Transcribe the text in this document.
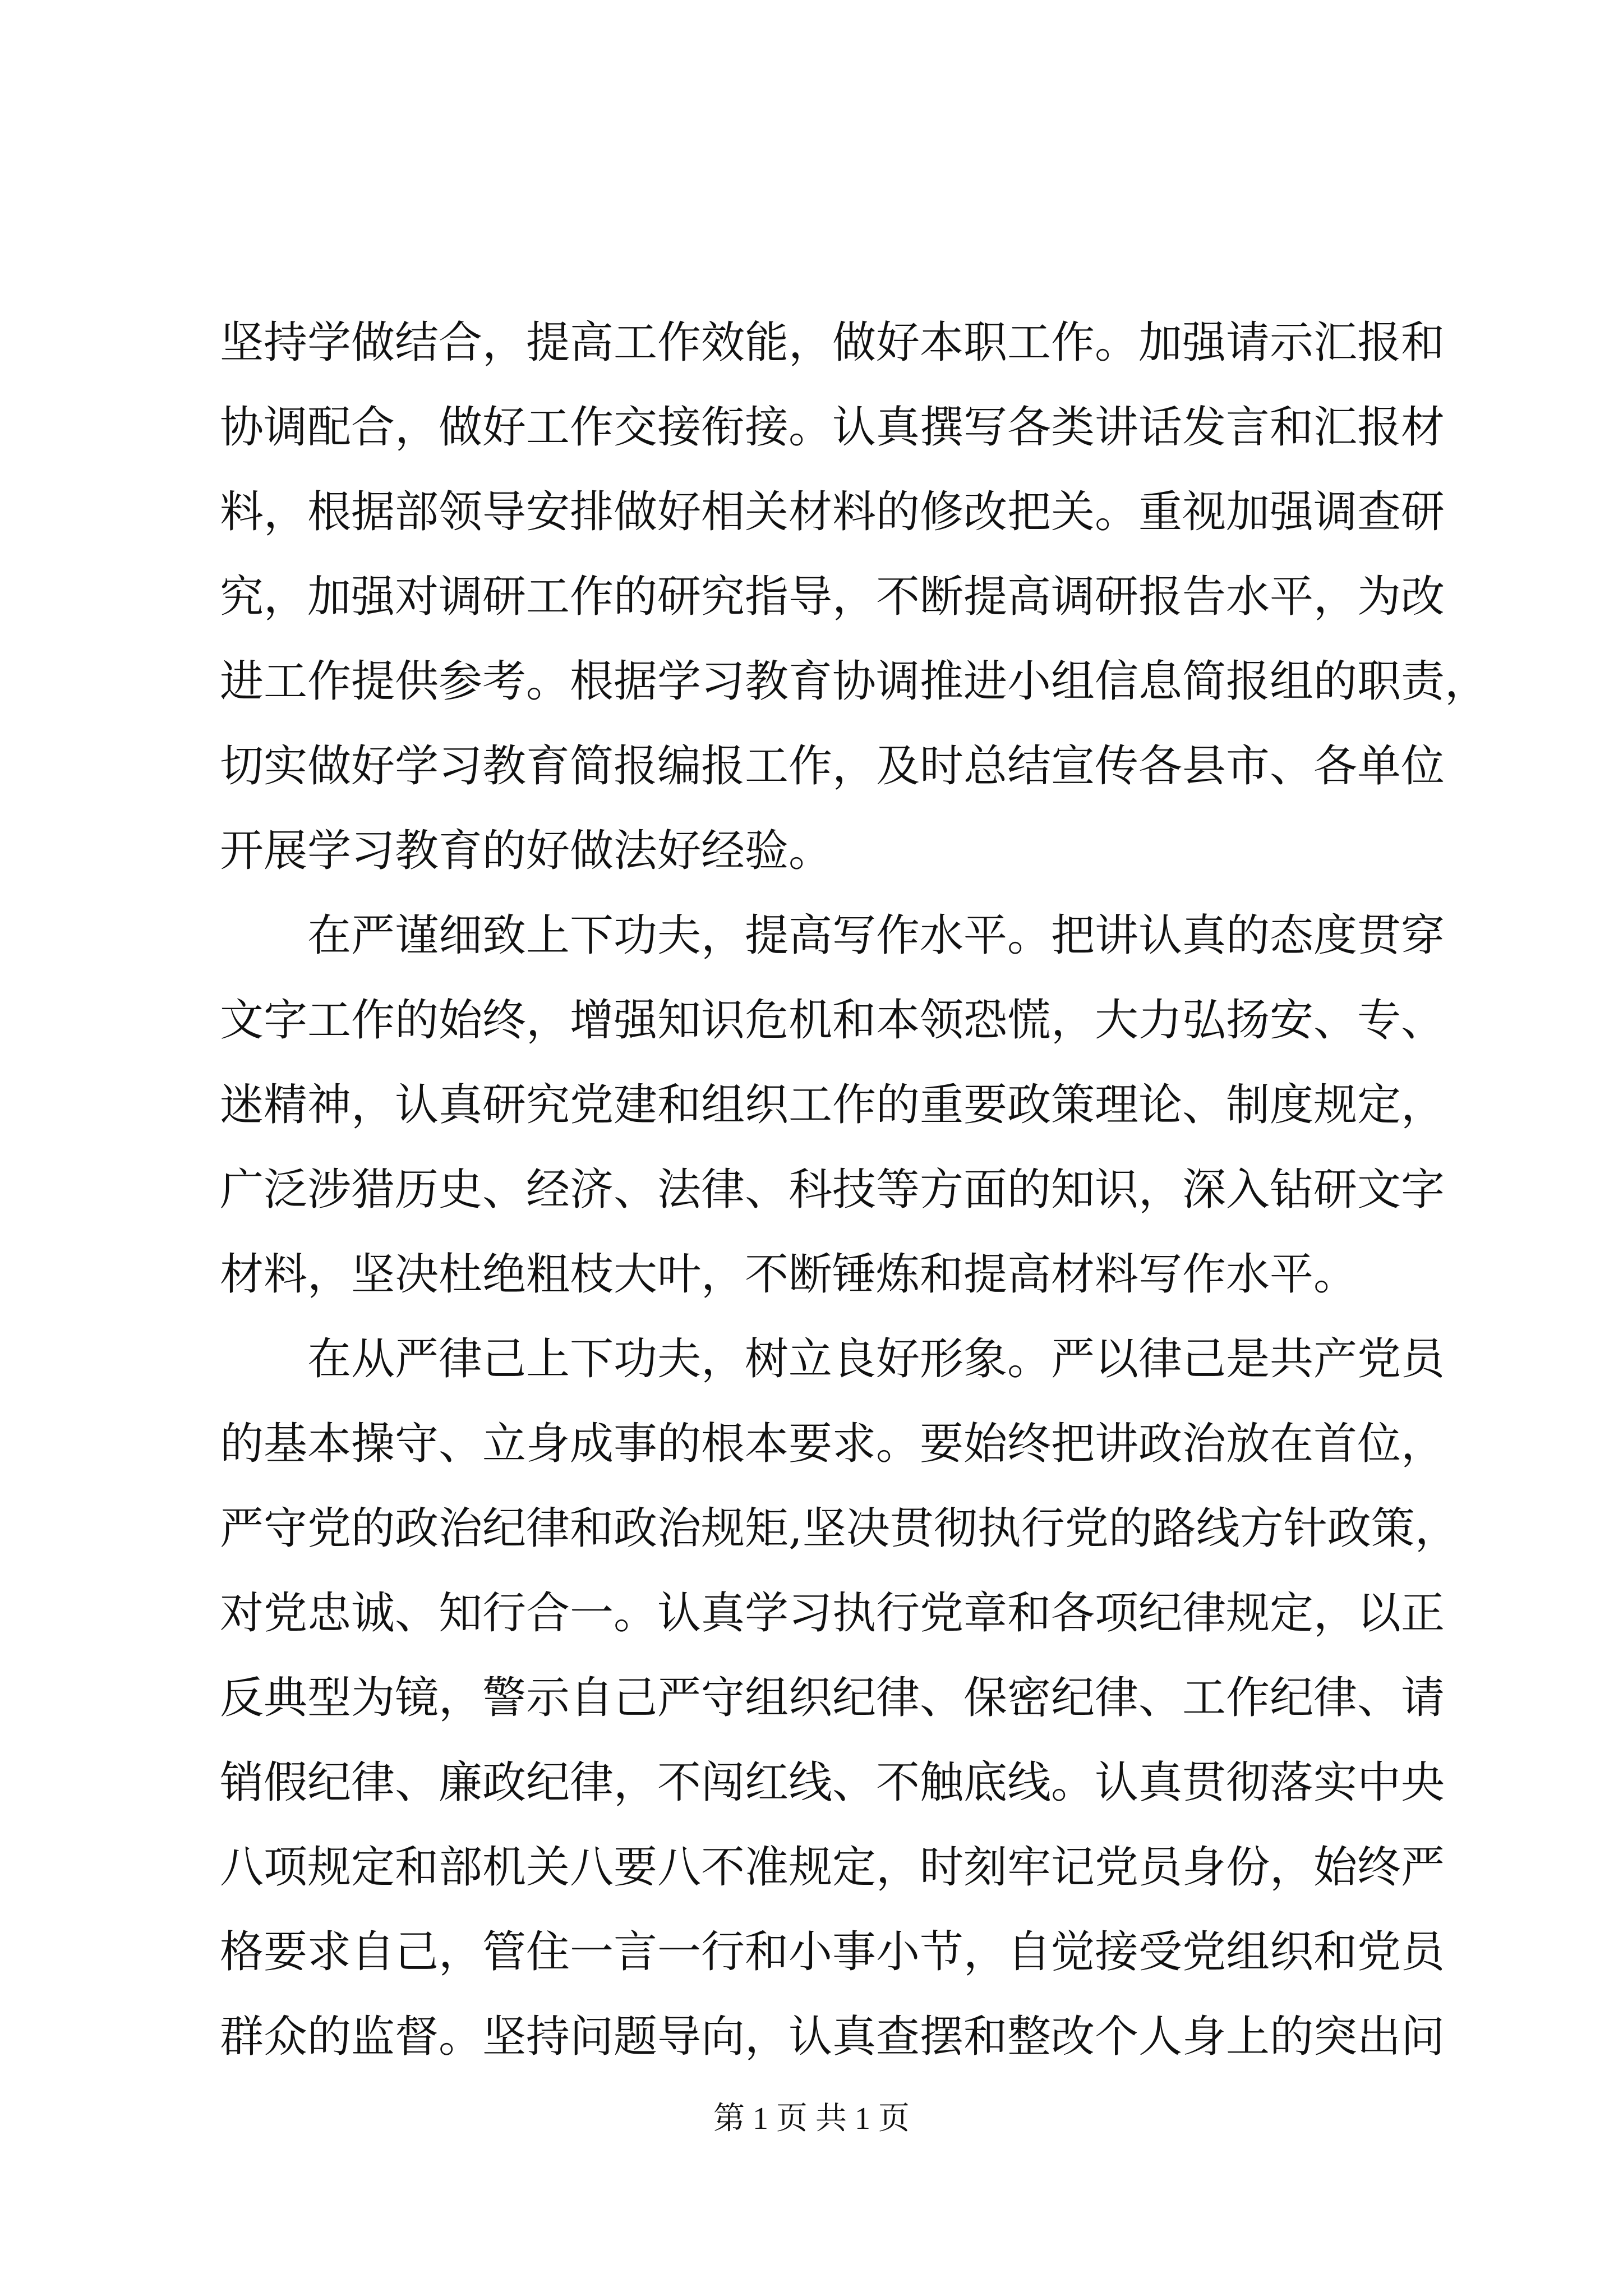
坚持学做结合，提高工作效能，做好本职工作。加强请示汇报和
协调配合，做好工作交接衔接。认真撰写各类讲话发言和汇报材
料，根据部领导安排做好相关材料的修改把关。重视加强调查研
究，加强对调研工作的研究指导，不断提高调研报告水平，为改
进工作提供参考。根据学习教育协调推进小组信息简报组的职责，
切实做好学习教育简报编报工作，及时总结宣传各县市、各单位
开展学习教育的好做法好经验。
在严谨细致上下功夫，提高写作水平。把讲认真的态度贯穿
文字工作的始终，增强知识危机和本领恐慌，大力弘扬安、专、
迷精神，认真研究党建和组织工作的重要政策理论、制度规定，
广泛涉猎历史、经济、法律、科技等方面的知识，深入钻研文字
材料，坚决杜绝粗枝大叶，不断锤炼和提高材料写作水平。
在从严律己上下功夫，树立良好形象。严以律己是共产党员
的基本操守、立身成事的根本要求。要始终把讲政治放在首位，
严守党的政治纪律和政治规矩,坚决贯彻执行党的路线方针政策，
对党忠诚、知行合一。认真学习执行党章和各项纪律规定，以正
反典型为镜，警示自己严守组织纪律、保密纪律、工作纪律、请
销假纪律、廉政纪律，不闯红线、不触底线。认真贯彻落实中央
八项规定和部机关八要八不准规定，时刻牢记党员身份，始终严
格要求自己，管住一言一行和小事小节，自觉接受党组织和党员
群众的监督。坚持问题导向，认真查摆和整改个人身上的突出问
第 1 页 共 1 页
